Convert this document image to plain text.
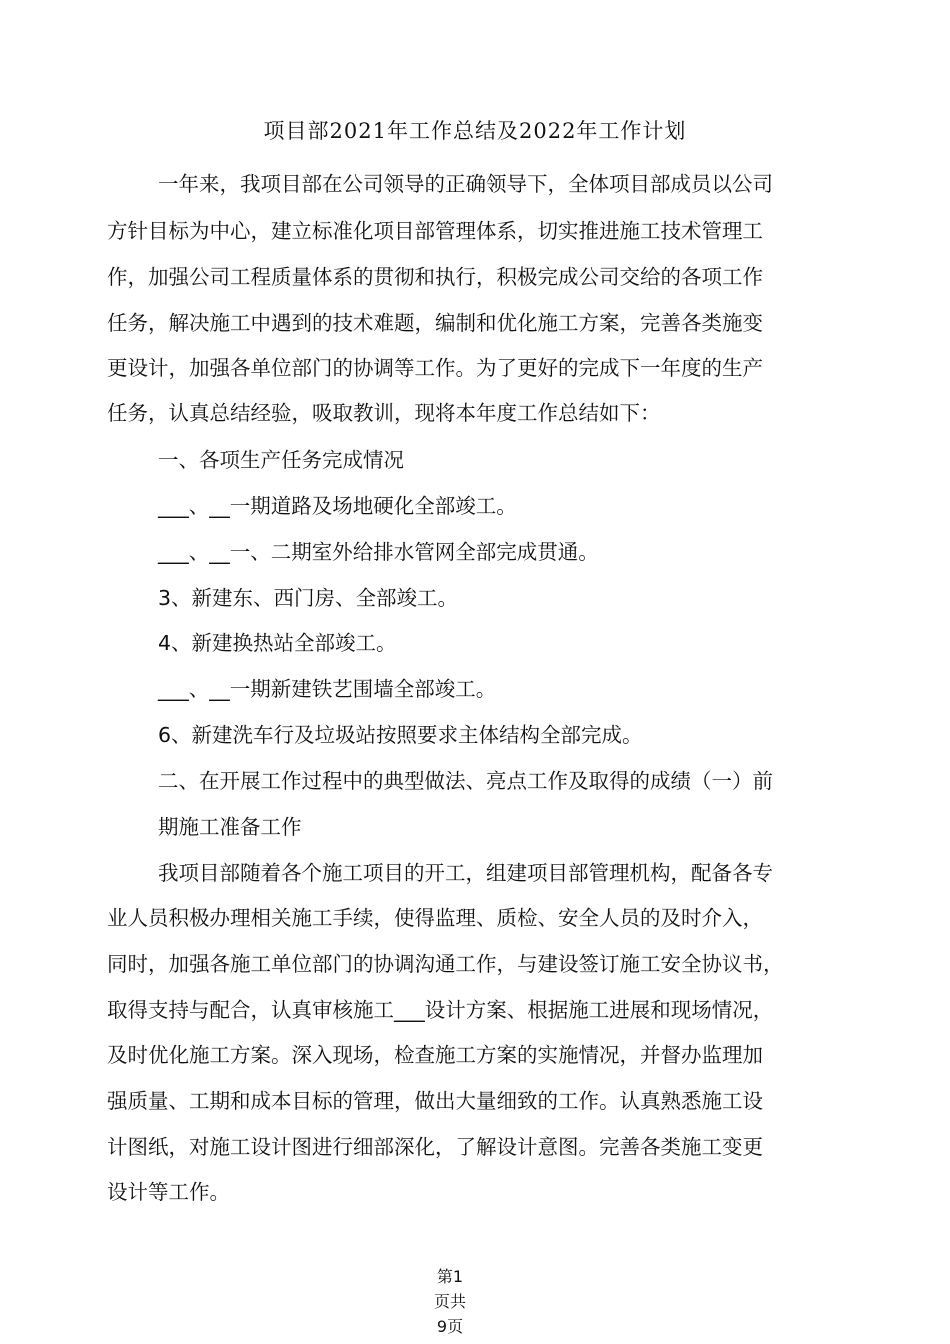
项目部2021年工作总结及2022年工作计划
一年来，我项目部在公司领导的正确领导下，全体项目部成员以公司
方针目标为中心，建立标准化项目部管理体系，切实推进施工技术管理工
作，加强公司工程质量体系的贯彻和执行，积极完成公司交给的各项工作
任务，解决施工中遇到的技术难题，编制和优化施工方案，完善各类施变
更设计，加强各单位部门的协调等工作。为了更好的完成下一年度的生产
任务，认真总结经验，吸取教训，现将本年度工作总结如下：
一、各项生产任务完成情况
___、__一期道路及场地硬化全部竣工。
___、__一、二期室外给排水管网全部完成贯通。
3、新建东、西门房、全部竣工。
4、新建换热站全部竣工。
___、__一期新建铁艺围墙全部竣工。
6、新建洗车行及垃圾站按照要求主体结构全部完成。
二、在开展工作过程中的典型做法、亮点工作及取得的成绩（一）前
期施工准备工作
我项目部随着各个施工项目的开工，组建项目部管理机构，配备各专
业人员积极办理相关施工手续，使得监理、质检、安全人员的及时介入，
同时，加强各施工单位部门的协调沟通工作，与建设签订施工安全协议书，
取得支持与配合，认真审核施工___设计方案、根据施工进展和现场情况，
及时优化施工方案。深入现场，检查施工方案的实施情况，并督办监理加
强质量、工期和成本目标的管理，做出大量细致的工作。认真熟悉施工设
计图纸，对施工设计图进行细部深化，了解设计意图。完善各类施工变更
设计等工作。
第1
页共
9页
